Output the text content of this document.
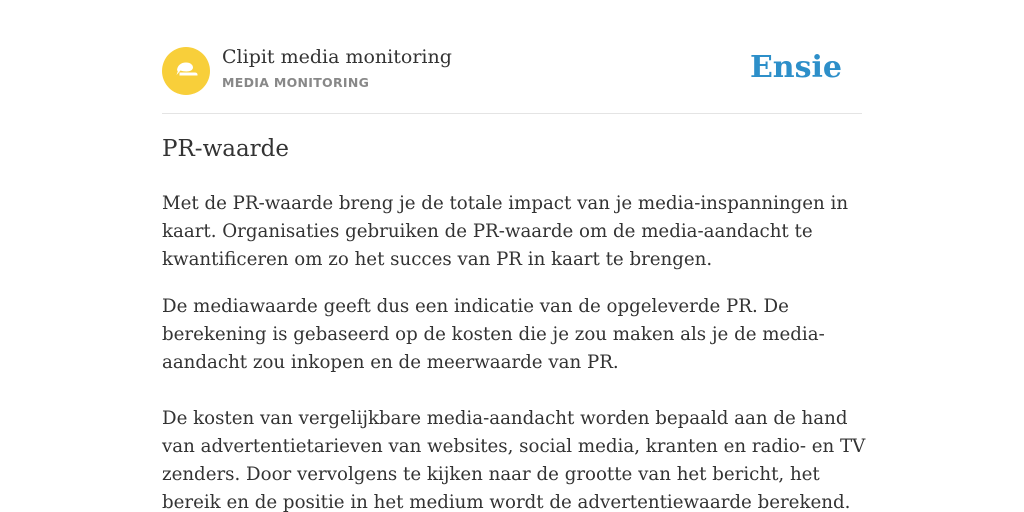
Clipit media monitoring
MEDIA MONITORING	Ensie
PR-waarde
Met de PR-waarde breng je de totale impact van je media-inspanningen in kaart. Organisaties gebruiken de PR-waarde om de media-aandacht te kwantificeren om zo het succes van PR in kaart te brengen.
De mediawaarde geeft dus een indicatie van de opgeleverde PR. De berekening is gebaseerd op de kosten die je zou maken als je de media-aandacht zou inkopen en de meerwaarde van PR.
De kosten van vergelijkbare media-aandacht worden bepaald aan de hand van advertentietarieven van websites, social media, kranten en radio- en TV zenders. Door vervolgens te kijken naar de grootte van het bericht, het bereik en de positie in het medium wordt de advertentiewaarde berekend.
